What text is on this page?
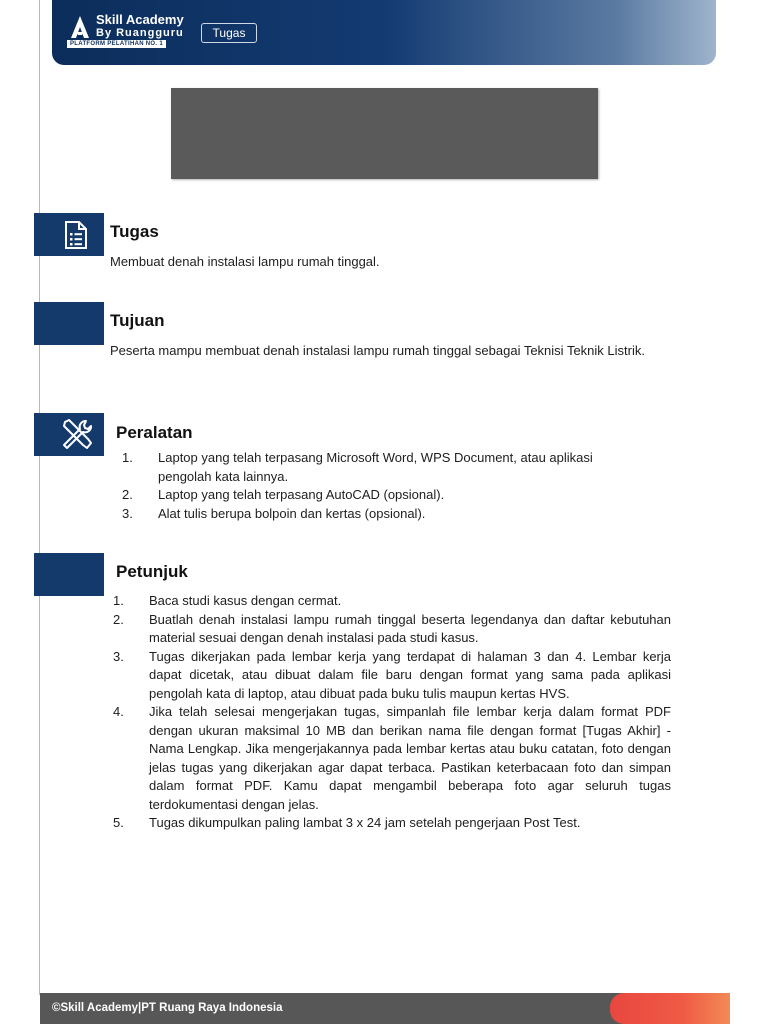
Skill Academy
By Ruangguru
PLATFORM PELATIHAN NO. 1
Tugas
Tugas
Membuat denah instalasi lampu rumah tinggal.
Tujuan
Peserta mampu membuat denah instalasi lampu rumah tinggal sebagai Teknisi Teknik Listrik.
Peralatan
1. Laptop yang telah terpasang Microsoft Word, WPS Document, atau aplikasi pengolah kata lainnya.
2. Laptop yang telah terpasang AutoCAD (opsional).
3. Alat tulis berupa bolpoin dan kertas (opsional).
Petunjuk
1. Baca studi kasus dengan cermat.
2. Buatlah denah instalasi lampu rumah tinggal beserta legendanya dan daftar kebutuhan material sesuai dengan denah instalasi pada studi kasus.
3. Tugas dikerjakan pada lembar kerja yang terdapat di halaman 3 dan 4. Lembar kerja dapat dicetak, atau dibuat dalam file baru dengan format yang sama pada aplikasi pengolah kata di laptop, atau dibuat pada buku tulis maupun kertas HVS.
4. Jika telah selesai mengerjakan tugas, simpanlah file lembar kerja dalam format PDF dengan ukuran maksimal 10 MB dan berikan nama file dengan format [Tugas Akhir] - Nama Lengkap. Jika mengerjakannya pada lembar kertas atau buku catatan, foto dengan jelas tugas yang dikerjakan agar dapat terbaca. Pastikan keterbacaan foto dan simpan dalam format PDF. Kamu dapat mengambil beberapa foto agar seluruh tugas terdokumentasi dengan jelas.
5. Tugas dikumpulkan paling lambat 3 x 24 jam setelah pengerjaan Post Test.
©Skill Academy|PT Ruang Raya Indonesia
